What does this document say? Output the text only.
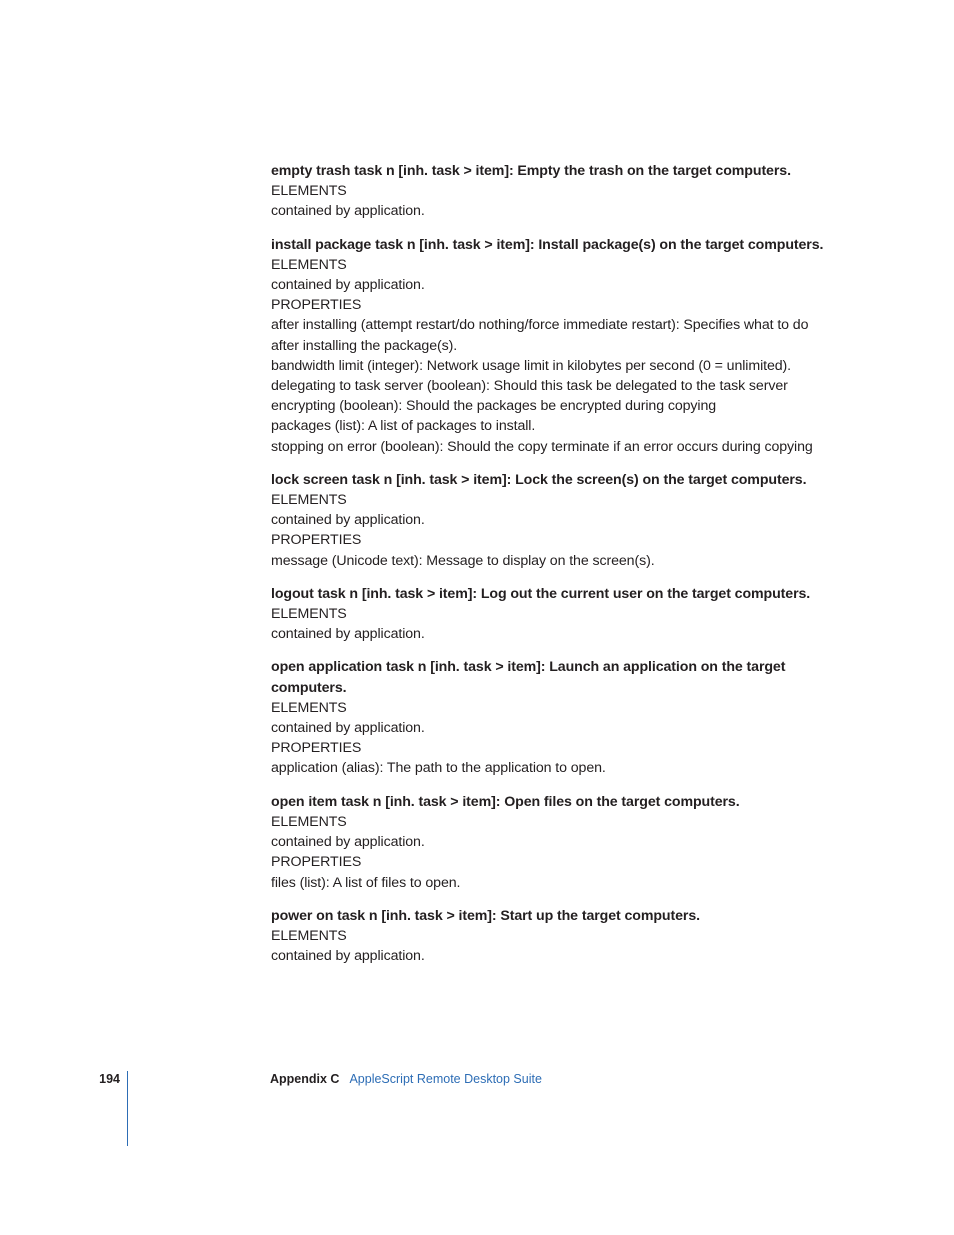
empty trash task n [inh. task > item]: Empty the trash on the target computers.
ELEMENTS
contained by application.
install package task n [inh. task > item]: Install package(s) on the target computers.
ELEMENTS
contained by application.
PROPERTIES
after installing (attempt restart/do nothing/force immediate restart): Specifies what to do after installing the package(s).
bandwidth limit (integer): Network usage limit in kilobytes per second (0 = unlimited).
delegating to task server (boolean): Should this task be delegated to the task server
encrypting (boolean): Should the packages be encrypted during copying
packages (list): A list of packages to install.
stopping on error (boolean): Should the copy terminate if an error occurs during copying
lock screen task n [inh. task > item]: Lock the screen(s) on the target computers.
ELEMENTS
contained by application.
PROPERTIES
message (Unicode text): Message to display on the screen(s).
logout task n [inh. task > item]: Log out the current user on the target computers.
ELEMENTS
contained by application.
open application task n [inh. task > item]: Launch an application on the target computers.
ELEMENTS
contained by application.
PROPERTIES
application (alias): The path to the application to open.
open item task n [inh. task > item]: Open files on the target computers.
ELEMENTS
contained by application.
PROPERTIES
files (list): A list of files to open.
power on task n [inh. task > item]: Start up the target computers.
ELEMENTS
contained by application.
194	Appendix C AppleScript Remote Desktop Suite
